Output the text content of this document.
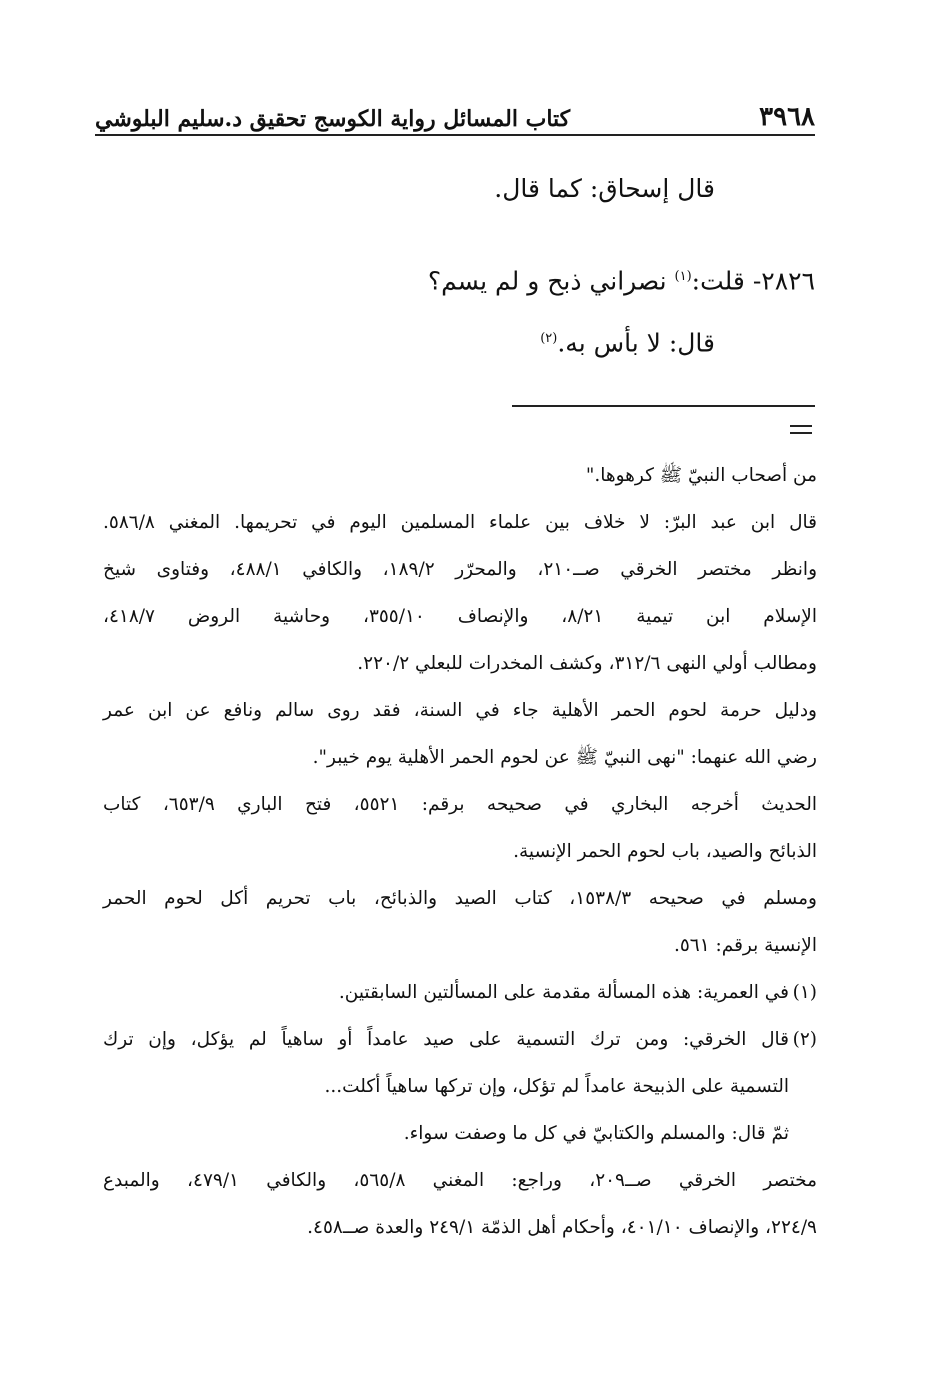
٣٩٦٨
كتاب المسائل رواية الكوسج تحقيق د.سليم البلوشي
قال إسحاق: كما قال.
٢٨٢٦- قلت:$^{(١)}$ نصراني ذبح و لم يسم؟
قال: لا بأس به.$^{(٢)}$
من أصحاب النبيّ ﷺ كرهوها."
قال ابن عبد البرّ: لا خلاف بين علماء المسلمين اليوم في تحريمها. المغني ٥٨٦/٨.
وانظر مختصر الخرقي صــ٢١٠، والمحرّر ١٨٩/٢، والكافي ٤٨٨/١، وفتاوى شيخ
الإسلام ابن تيمية ٨/٢١، والإنصاف ٣٥٥/١٠، وحاشية الروض ٤١٨/٧،
ومطالب أولي النهى ٣١٢/٦، وكشف المخدرات للبعلي ٢٢٠/٢.
ودليل حرمة لحوم الحمر الأهلية جاء في السنة، فقد روى سالم ونافع عن ابن عمر
رضي الله عنهما: "نهى النبيّ ﷺ عن لحوم الحمر الأهلية يوم خيبر".
الحديث أخرجه البخاري في صحيحه برقم: ٥٥٢١، فتح الباري ٦٥٣/٩، كتاب
الذبائح والصيد، باب لحوم الحمر الإنسية.
ومسلم في صحيحه ١٥٣٨/٣، كتاب الصيد والذبائح، باب تحريم أكل لحوم الحمر
الإنسية برقم: ٥٦١.
(١)في العمرية: هذه المسألة مقدمة على المسألتين السابقتين.
(٢)قال الخرقي: ومن ترك التسمية على صيد عامداً أو ساهياً لم يؤكل، وإن ترك
التسمية على الذبيحة عامداً لم تؤكل، وإن تركها ساهياً أكلت...
ثمّ قال: والمسلم والكتابيّ في كل ما وصفت سواء.
مختصر الخرقي صــ٢٠٩، وراجع: المغني ٥٦٥/٨، والكافي ٤٧٩/١، والمبدع
٢٢٤/٩، والإنصاف ٤٠١/١٠، وأحكام أهل الذمّة ٢٤٩/١ والعدة صــ٤٥٨.
